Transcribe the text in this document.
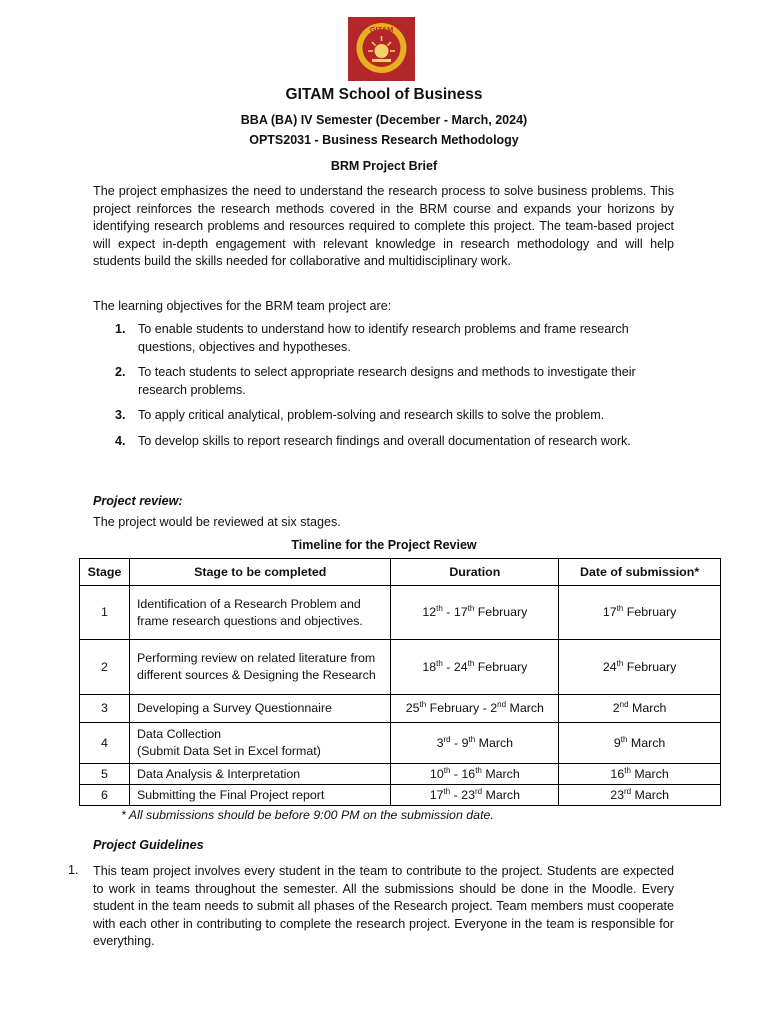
GITAM
GITAM School of Business
BBA (BA) IV Semester (December - March, 2024)
OPTS2031 - Business Research Methodology
BRM Project Brief

The project emphasizes the need to understand the research process to solve business problems. This project reinforces the research methods covered in the BRM course and expands your horizons by identifying research problems and resources required to complete this project. The team-based project will expect in-depth engagement with relevant knowledge in research methodology and will help students build the skills needed for collaborative and multidisciplinary work.

The learning objectives for the BRM team project are:

1. To enable students to understand how to identify research problems and frame research questions, objectives and hypotheses.
2. To teach students to select appropriate research designs and methods to investigate their research problems.
3. To apply critical analytical, problem-solving and research skills to solve the problem.
4. To develop skills to report research findings and overall documentation of research work.
Project review:
The project would be reviewed at six stages.
Timeline for the Project Review
Stage	Stage to be completed	Duration	Date of submission*
1	Identification of a Research Problem and frame research questions and objectives.	12th - 17th February	17th February
2	Performing review on related literature from different sources & Designing the Research	18th - 24th February	24th February
3	Developing a Survey Questionnaire	25th February - 2nd March	2nd March
4	Data Collection
(Submit Data Set in Excel format)	3rd - 9th March	9th March
5	Data Analysis & Interpretation	10th - 16th March	16th March
6	Submitting the Final Project report	17th - 23rd March	23rd March
* All submissions should be before 9:00 PM on the submission date.
Project Guidelines
1. This team project involves every student in the team to contribute to the project. Students are expected to work in teams throughout the semester. All the submissions should be done in the Moodle. Every student in the team needs to submit all phases of the Research project. Team members must cooperate with each other in contributing to complete the research project. Everyone in the team is responsible for everything.
